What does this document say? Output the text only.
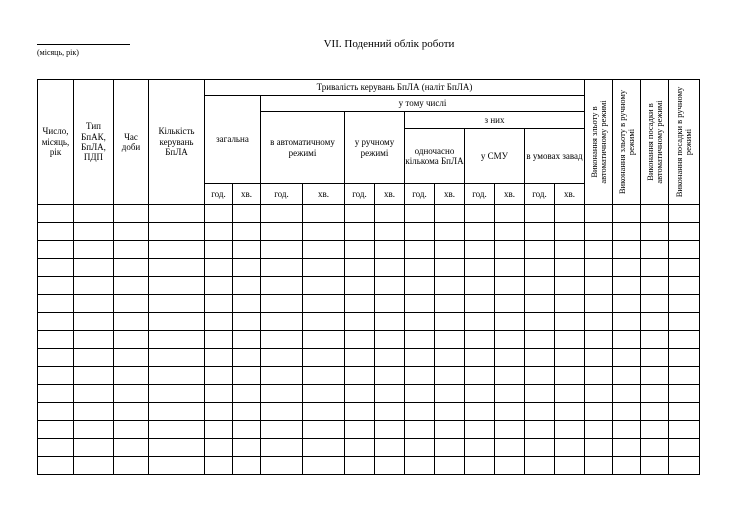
(місяць, рік)
VII. Поденний облік роботи
Число, місяць, рік	Тип БпАК, БпЛА, ПДП	Час доби	Кількість керувань БпЛА	Тривалість керувань БпЛА (наліт БпЛА)												Виконання зльоту в автоматичному режимі	Виконання зльоту в ручному режимі	Виконання посадки в автоматичному режимі	Виконання посадки в ручному режимі

				загальна		у тому числі													
						в автоматичному режимі		у ручному режимі		з них									
										одночасно кількома БпЛА		у СМУ		в умовах завад					
				год.	хв.	год.	хв.	год.	хв.	год.	хв.	год.	хв.	год.	хв.				
